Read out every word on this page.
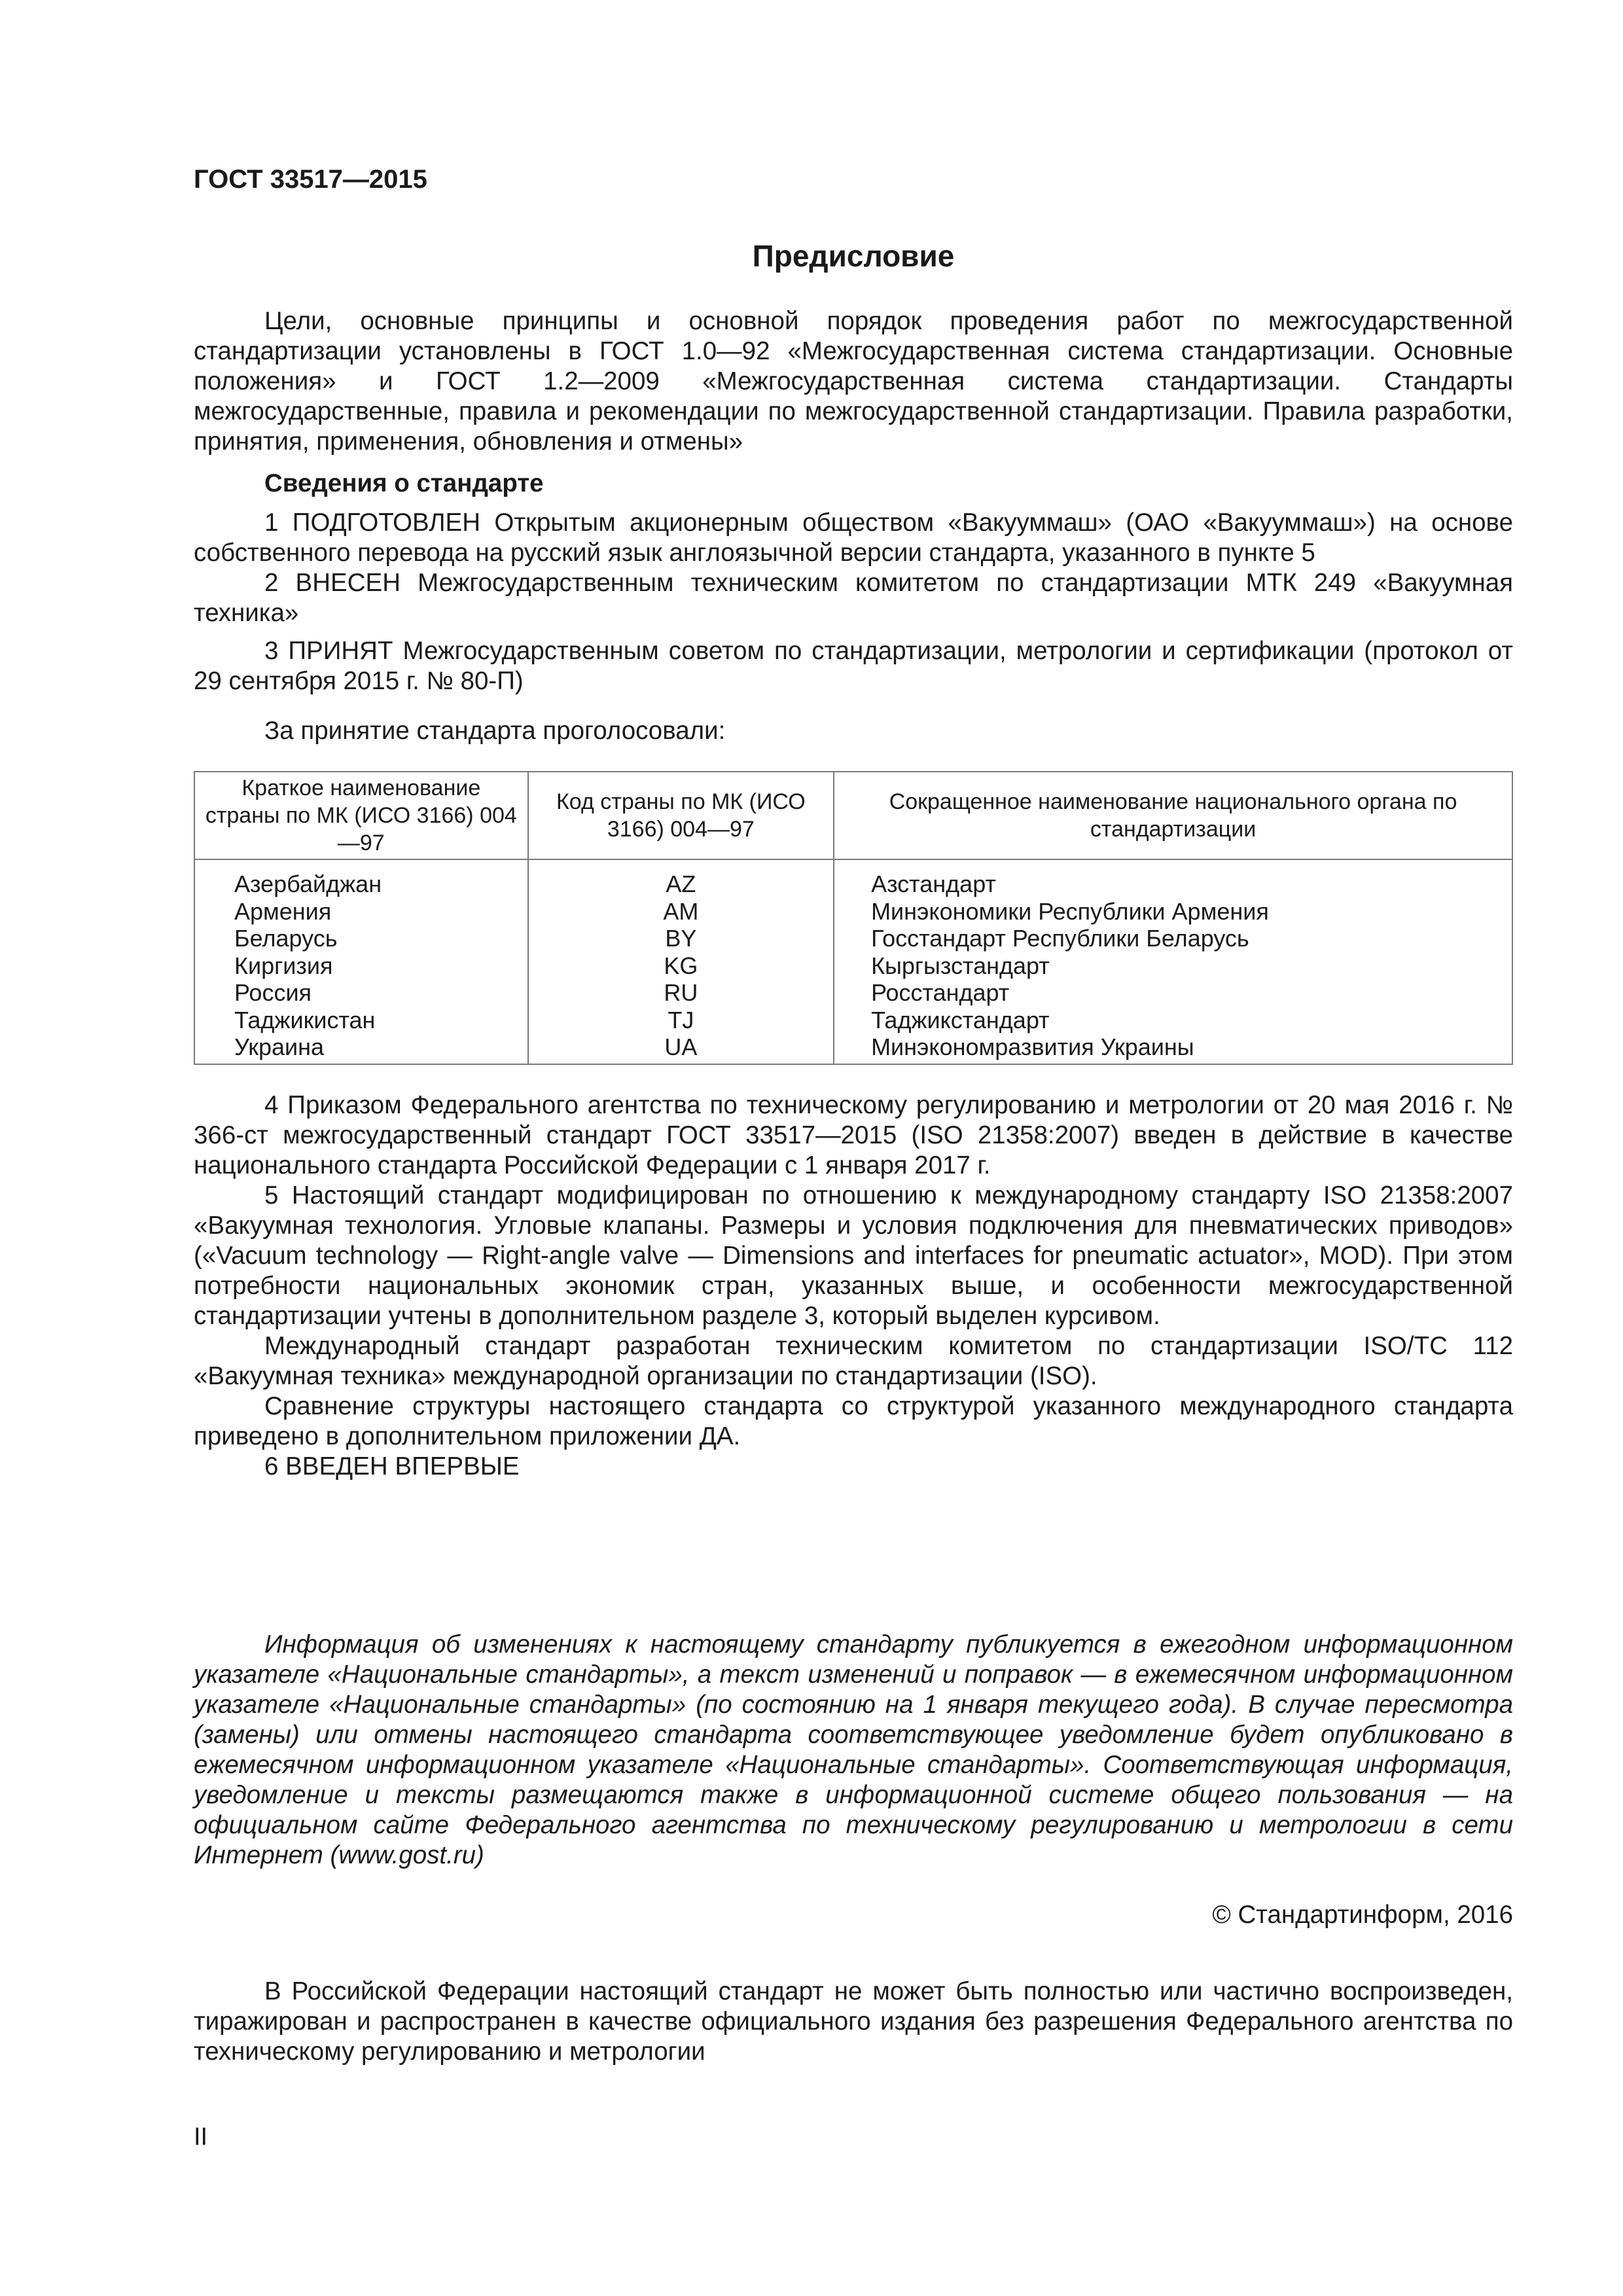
ГОСТ 33517—2015

Предисловие

Цели, основные принципы и основной порядок проведения работ по межгосударственной стандартизации установлены в ГОСТ 1.0—92 «Межгосударственная система стандартизации. Основные положения» и ГОСТ 1.2—2009 «Межгосударственная система стандартизации. Стандарты межгосударственные, правила и рекомендации по межгосударственной стандартизации. Правила разработки, принятия, применения, обновления и отмены»

Сведения о стандарте

1 ПОДГОТОВЛЕН Открытым акционерным обществом «Вакууммаш» (ОАО «Вакууммаш») на основе собственного перевода на русский язык англоязычной версии стандарта, указанного в пункте 5

2 ВНЕСЕН Межгосударственным техническим комитетом по стандартизации МТК 249 «Вакуумная техника»

3 ПРИНЯТ Межгосударственным советом по стандартизации, метрологии и сертификации (протокол от 29 сентября 2015 г. № 80-П)

За принятие стандарта проголосовали:

Краткое наименование страны по МК (ИСО 3166) 004—97	Код страны по МК (ИСО 3166) 004—97	Сокращенное наименование национального органа по стандартизации
Азербайджан	AZ	Азстандарт
Армения	AM	Минэкономики Республики Армения
Беларусь	BY	Госстандарт Республики Беларусь
Киргизия	KG	Кыргызстандарт
Россия	RU	Росстандарт
Таджикистан	TJ	Таджикстандарт
Украина	UA	Минэкономразвития Украины

4 Приказом Федерального агентства по техническому регулированию и метрологии от 20 мая 2016 г. № 366-ст межгосударственный стандарт ГОСТ 33517—2015 (ISO 21358:2007) введен в действие в качестве национального стандарта Российской Федерации с 1 января 2017 г.

5 Настоящий стандарт модифицирован по отношению к международному стандарту ISO 21358:2007 «Вакуумная технология. Угловые клапаны. Размеры и условия подключения для пневматических приводов» («Vacuum technology — Right-angle valve — Dimensions and interfaces for pneumatic actuator», MOD). При этом потребности национальных экономик стран, указанных выше, и особенности межгосударственной стандартизации учтены в дополнительном разделе 3, который выделен курсивом.

Международный стандарт разработан техническим комитетом по стандартизации ISO/TC 112 «Вакуумная техника» международной организации по стандартизации (ISO).

Сравнение структуры настоящего стандарта со структурой указанного международного стандарта приведено в дополнительном приложении ДА.

6 ВВЕДЕН ВПЕРВЫЕ

Информация об изменениях к настоящему стандарту публикуется в ежегодном информационном указателе «Национальные стандарты», а текст изменений и поправок — в ежемесячном информационном указателе «Национальные стандарты» (по состоянию на 1 января текущего года). В случае пересмотра (замены) или отмены настоящего стандарта соответствующее уведомление будет опубликовано в ежемесячном информационном указателе «Национальные стандарты». Соответствующая информация, уведомление и тексты размещаются также в информационной системе общего пользования — на официальном сайте Федерального агентства по техническому регулированию и метрологии в сети Интернет (www.gost.ru)

© Стандартинформ, 2016

В Российской Федерации настоящий стандарт не может быть полностью или частично воспроизведен, тиражирован и распространен в качестве официального издания без разрешения Федерального агентства по техническому регулированию и метрологии

II
